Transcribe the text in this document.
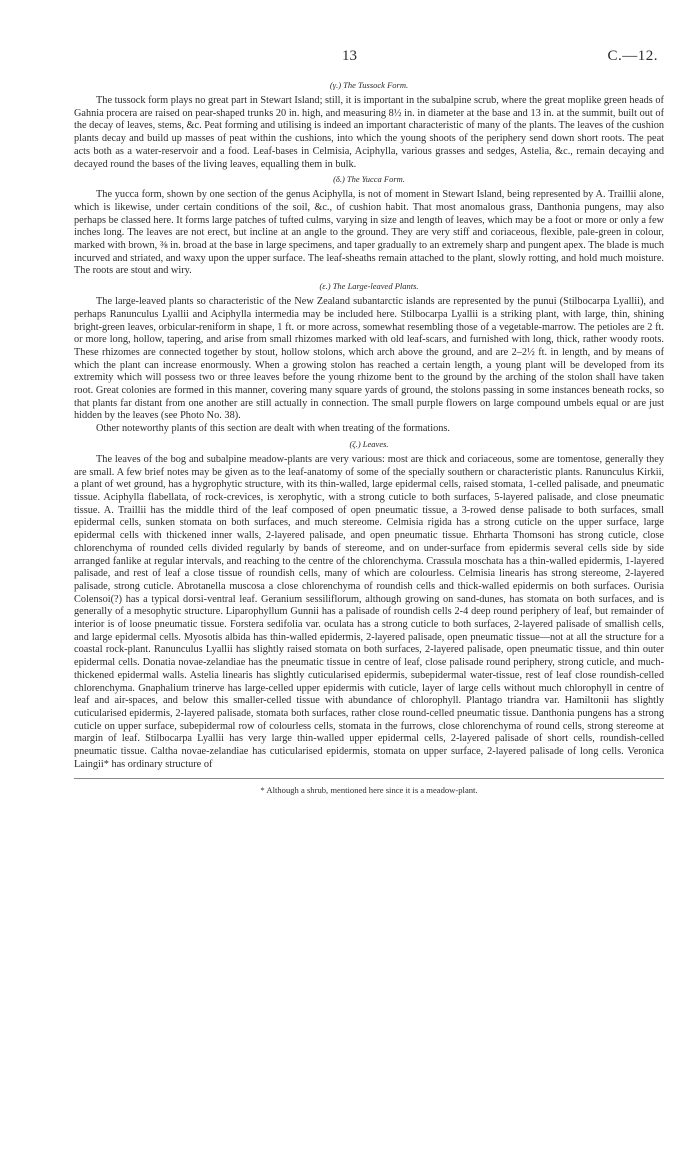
13	C.—12.
(γ.) The Tussock Form.

The tussock form plays no great part in Stewart Island; still, it is important in the subalpine scrub, where the great moplike green heads of Gahnia procera are raised on pear-shaped trunks 20 in. high, and measuring 8½ in. in diameter at the base and 13 in. at the summit, built out of the decay of leaves, stems, &c. Peat forming and utilising is indeed an important characteristic of many of the plants. The leaves of the cushion plants decay and build up masses of peat within the cushions, into which the young shoots of the periphery send down short roots. The peat acts both as a water-reservoir and a food. Leaf-bases in Celmisia, Aciphylla, various grasses and sedges, Astelia, &c., remain decaying and decayed round the bases of the living leaves, equalling them in bulk.

(δ.) The Yucca Form.

The yucca form, shown by one section of the genus Aciphylla, is not of moment in Stewart Island, being represented by A. Traillii alone, which is likewise, under certain conditions of the soil, &c., of cushion habit. That most anomalous grass, Danthonia pungens, may also perhaps be classed here. It forms large patches of tufted culms, varying in size and length of leaves, which may be a foot or more or only a few inches long. The leaves are not erect, but incline at an angle to the ground. They are very stiff and coriaceous, flexible, pale-green in colour, marked with brown, ⅜ in. broad at the base in large specimens, and taper gradually to an extremely sharp and pungent apex. The blade is much incurved and striated, and waxy upon the upper surface. The leaf-sheaths remain attached to the plant, slowly rotting, and hold much moisture. The roots are stout and wiry.

(ε.) The Large-leaved Plants.

The large-leaved plants so characteristic of the New Zealand subantarctic islands are represented by the punui (Stilbocarpa Lyallii), and perhaps Ranunculus Lyallii and Aciphylla intermedia may be included here. Stilbocarpa Lyallii is a striking plant, with large, thin, shining bright-green leaves, orbicular-reniform in shape, 1 ft. or more across, somewhat resembling those of a vegetable-marrow. The petioles are 2 ft. or more long, hollow, tapering, and arise from small rhizomes marked with old leaf-scars, and furnished with long, thick, rather woody roots. These rhizomes are connected together by stout, hollow stolons, which arch above the ground, and are 2–2½ ft. in length, and by means of which the plant can increase enormously. When a growing stolon has reached a certain length, a young plant will be developed from its extremity which will possess two or three leaves before the young rhizome bent to the ground by the arching of the stolon shall have taken root. Great colonies are formed in this manner, covering many square yards of ground, the stolons passing in some instances beneath rocks, so that plants far distant from one another are still actually in connection. The small purple flowers on large compound umbels equal or are just hidden by the leaves (see Photo No. 38).

Other noteworthy plants of this section are dealt with when treating of the formations.

(ζ.) Leaves.

The leaves of the bog and subalpine meadow-plants are very various: most are thick and coriaceous, some are tomentose, generally they are small. A few brief notes may be given as to the leaf-anatomy of some of the specially southern or characteristic plants. Ranunculus Kirkii, a plant of wet ground, has a hygrophytic structure, with its thin-walled, large epidermal cells, raised stomata, 1-celled palisade, and pneumatic tissue. Aciphylla flabellata, of rock-crevices, is xerophytic, with a strong cuticle to both surfaces, 5-layered palisade, and close pneumatic tissue. A. Traillii has the middle third of the leaf composed of open pneumatic tissue, a 3-rowed dense palisade to both surfaces, small epidermal cells, sunken stomata on both surfaces, and much stereome. Celmisia rigida has a strong cuticle on the upper surface, large epidermal cells with thickened inner walls, 2-layered palisade, and open pneumatic tissue. Ehrharta Thomsoni has strong cuticle, close chlorenchyma of rounded cells divided regularly by bands of stereome, and on under-surface from epidermis several cells side by side arranged fanlike at regular intervals, and reaching to the centre of the chlorenchyma. Crassula moschata has a thin-walled epidermis, 1-layered palisade, and rest of leaf a close tissue of roundish cells, many of which are colourless. Celmisia linearis has strong stereome, 2-layered palisade, strong cuticle. Abrotanella muscosa a close chlorenchyma of roundish cells and thick-walled epidermis on both surfaces. Ourisia Colensoi(?) has a typical dorsi-ventral leaf. Geranium sessiliflorum, although growing on sand-dunes, has stomata on both surfaces, and is generally of a mesophytic structure. Liparophyllum Gunnii has a palisade of roundish cells 2-4 deep round periphery of leaf, but remainder of interior is of loose pneumatic tissue. Forstera sedifolia var. oculata has a strong cuticle to both surfaces, 2-layered palisade of smallish cells, and large epidermal cells. Myosotis albida has thin-walled epidermis, 2-layered palisade, open pneumatic tissue—not at all the structure for a coastal rock-plant. Ranunculus Lyallii has slightly raised stomata on both surfaces, 2-layered palisade, open pneumatic tissue, and thin outer epidermal cells. Donatia novae-zelandiae has the pneumatic tissue in centre of leaf, close palisade round periphery, strong cuticle, and much-thickened epidermal walls. Astelia linearis has slightly cuticularised epidermis, subepidermal water-tissue, rest of leaf close roundish-celled chlorenchyma. Gnaphalium trinerve has large-celled upper epidermis with cuticle, layer of large cells without much chlorophyll in centre of leaf and air-spaces, and below this smaller-celled tissue with abundance of chlorophyll. Plantago triandra var. Hamiltonii has slightly cuticularised epidermis, 2-layered palisade, stomata both surfaces, rather close round-celled pneumatic tissue. Danthonia pungens has a strong cuticle on upper surface, subepidermal row of colourless cells, stomata in the furrows, close chlorenchyma of round cells, strong stereome at margin of leaf. Stilbocarpa Lyallii has very large thin-walled upper epidermal cells, 2-layered palisade of short cells, roundish-celled pneumatic tissue. Caltha novae-zelandiae has cuticularised epidermis, stomata on upper surface, 2-layered palisade of long cells. Veronica Laingii* has ordinary structure of

* Although a shrub, mentioned here since it is a meadow-plant.
